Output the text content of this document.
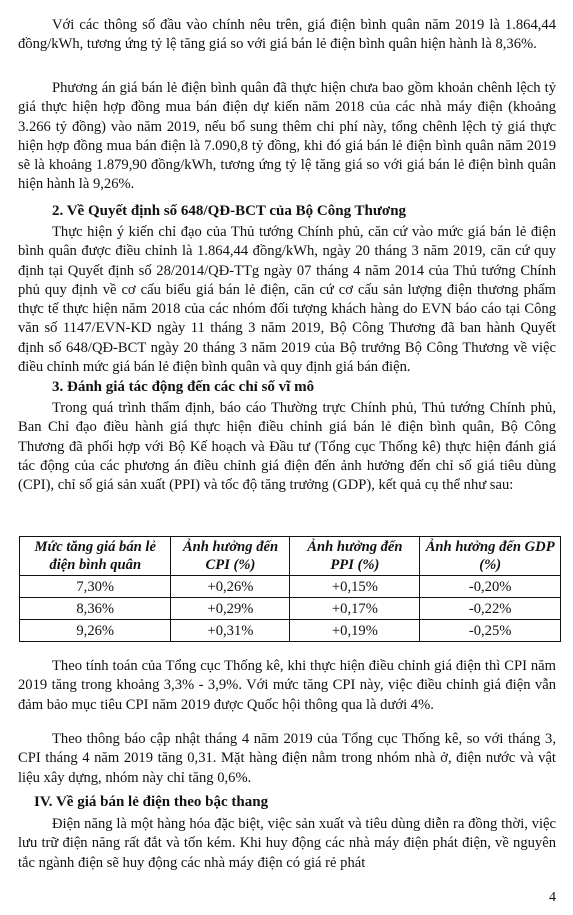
Với các thông số đầu vào chính nêu trên, giá điện bình quân năm 2019 là 1.864,44 đồng/kWh, tương ứng tỷ lệ tăng giá so với giá bán lẻ điện bình quân hiện hành là 8,36%.

Phương án giá bán lẻ điện bình quân đã thực hiện chưa bao gồm khoản chênh lệch tỷ giá thực hiện hợp đồng mua bán điện dự kiến năm 2018 của các nhà máy điện (khoảng 3.266 tỷ đồng) vào năm 2019, nếu bổ sung thêm chi phí này, tổng chênh lệch tỷ giá thực hiện hợp đồng mua bán điện là 7.090,8 tỷ đồng, khi đó giá bán lẻ điện bình quân năm 2019 sẽ là khoảng 1.879,90 đồng/kWh, tương ứng tỷ lệ tăng giá so với giá bán lẻ điện bình quân hiện hành là 9,26%.

2. Về Quyết định số 648/QĐ-BCT của Bộ Công Thương

Thực hiện ý kiến chỉ đạo của Thủ tướng Chính phủ, căn cứ vào mức giá bán lẻ điện bình quân được điều chỉnh là 1.864,44 đồng/kWh, ngày 20 tháng 3 năm 2019, căn cứ quy định tại Quyết định số 28/2014/QĐ-TTg ngày 07 tháng 4 năm 2014 của Thủ tướng Chính phủ quy định về cơ cấu biểu giá bán lẻ điện, căn cứ cơ cấu sản lượng điện thương phẩm thực tế thực hiện năm 2018 của các nhóm đối tượng khách hàng do EVN báo cáo tại Công văn số 1147/EVN-KD ngày 11 tháng 3 năm 2019, Bộ Công Thương đã ban hành Quyết định số 648/QĐ-BCT ngày 20 tháng 3 năm 2019 của Bộ trưởng Bộ Công Thương về việc điều chỉnh mức giá bán lẻ điện bình quân và quy định giá bán điện.

3. Đánh giá tác động đến các chỉ số vĩ mô

Trong quá trình thẩm định, báo cáo Thường trực Chính phủ, Thủ tướng Chính phủ, Ban Chỉ đạo điều hành giá thực hiện điều chỉnh giá bán lẻ điện bình quân, Bộ Công Thương đã phối hợp với Bộ Kế hoạch và Đầu tư (Tổng cục Thống kê) thực hiện đánh giá tác động của các phương án điều chỉnh giá điện đến ảnh hưởng đến chỉ số giá tiêu dùng (CPI), chỉ số giá sản xuất (PPI) và tốc độ tăng trưởng (GDP), kết quả cụ thể như sau:

Mức tăng giá bán lẻ điện bình quân	Ảnh hưởng đến CPI (%)	Ảnh hưởng đến PPI (%)	Ảnh hưởng đến GDP (%)
7,30%	+0,26%	+0,15%	-0,20%
8,36%	+0,29%	+0,17%	-0,22%
9,26%	+0,31%	+0,19%	-0,25%

Theo tính toán của Tổng cục Thống kê, khi thực hiện điều chỉnh giá điện thì CPI năm 2019 tăng trong khoảng 3,3% - 3,9%. Với mức tăng CPI này, việc điều chỉnh giá điện vẫn đảm bảo mục tiêu CPI năm 2019 được Quốc hội thông qua là dưới 4%.

Theo thông báo cập nhật tháng 4 năm 2019 của Tổng cục Thống kê, so với tháng 3, CPI tháng 4 năm 2019 tăng 0,31. Mặt hàng điện nằm trong nhóm nhà ở, điện nước và vật liệu xây dựng, nhóm này chỉ tăng 0,6%.

IV. Về giá bán lẻ điện theo bậc thang

Điện năng là một hàng hóa đặc biệt, việc sản xuất và tiêu dùng diễn ra đồng thời, việc lưu trữ điện năng rất đắt và tốn kém. Khi huy động các nhà máy điện phát điện, về nguyên tắc ngành điện sẽ huy động các nhà máy điện có giá rẻ phát

4
